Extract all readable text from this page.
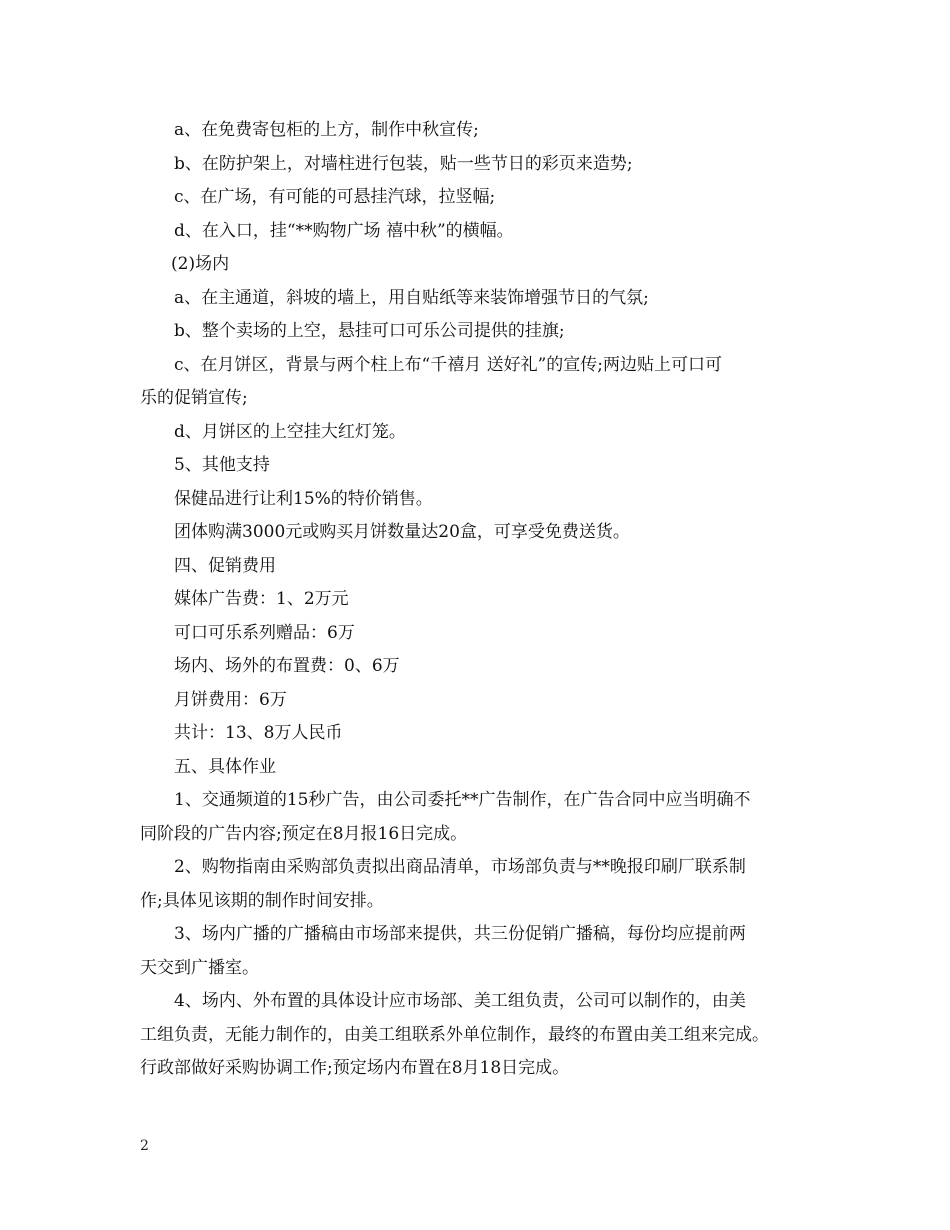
a、在免费寄包柜的上方，制作中秋宣传;
b、在防护架上，对墙柱进行包装，贴一些节日的彩页来造势;
c、在广场，有可能的可悬挂汽球，拉竖幅;
d、在入口，挂“**购物广场 禧中秋”的横幅。
(2)场内
a、在主通道，斜坡的墙上，用自贴纸等来装饰增强节日的气氛;
b、整个卖场的上空，悬挂可口可乐公司提供的挂旗;
c、在月饼区，背景与两个柱上布“千禧月 送好礼”的宣传;两边贴上可口可
乐的促销宣传;
d、月饼区的上空挂大红灯笼。
5、其他支持
保健品进行让利15%的特价销售。
团体购满3000元或购买月饼数量达20盒，可享受免费送货。
四、促销费用
媒体广告费：1、2万元
可口可乐系列赠品：6万
场内、场外的布置费：0、6万
月饼费用：6万
共计：13、8万人民币
五、具体作业
1、交通频道的15秒广告，由公司委托**广告制作，在广告合同中应当明确不
同阶段的广告内容;预定在8月报16日完成。
2、购物指南由采购部负责拟出商品清单，市场部负责与**晚报印刷厂联系制
作;具体见该期的制作时间安排。
3、场内广播的广播稿由市场部来提供，共三份促销广播稿，每份均应提前两
天交到广播室。
4、场内、外布置的具体设计应市场部、美工组负责，公司可以制作的，由美
工组负责，无能力制作的，由美工组联系外单位制作，最终的布置由美工组来完成。
行政部做好采购协调工作;预定场内布置在8月18日完成。
2
